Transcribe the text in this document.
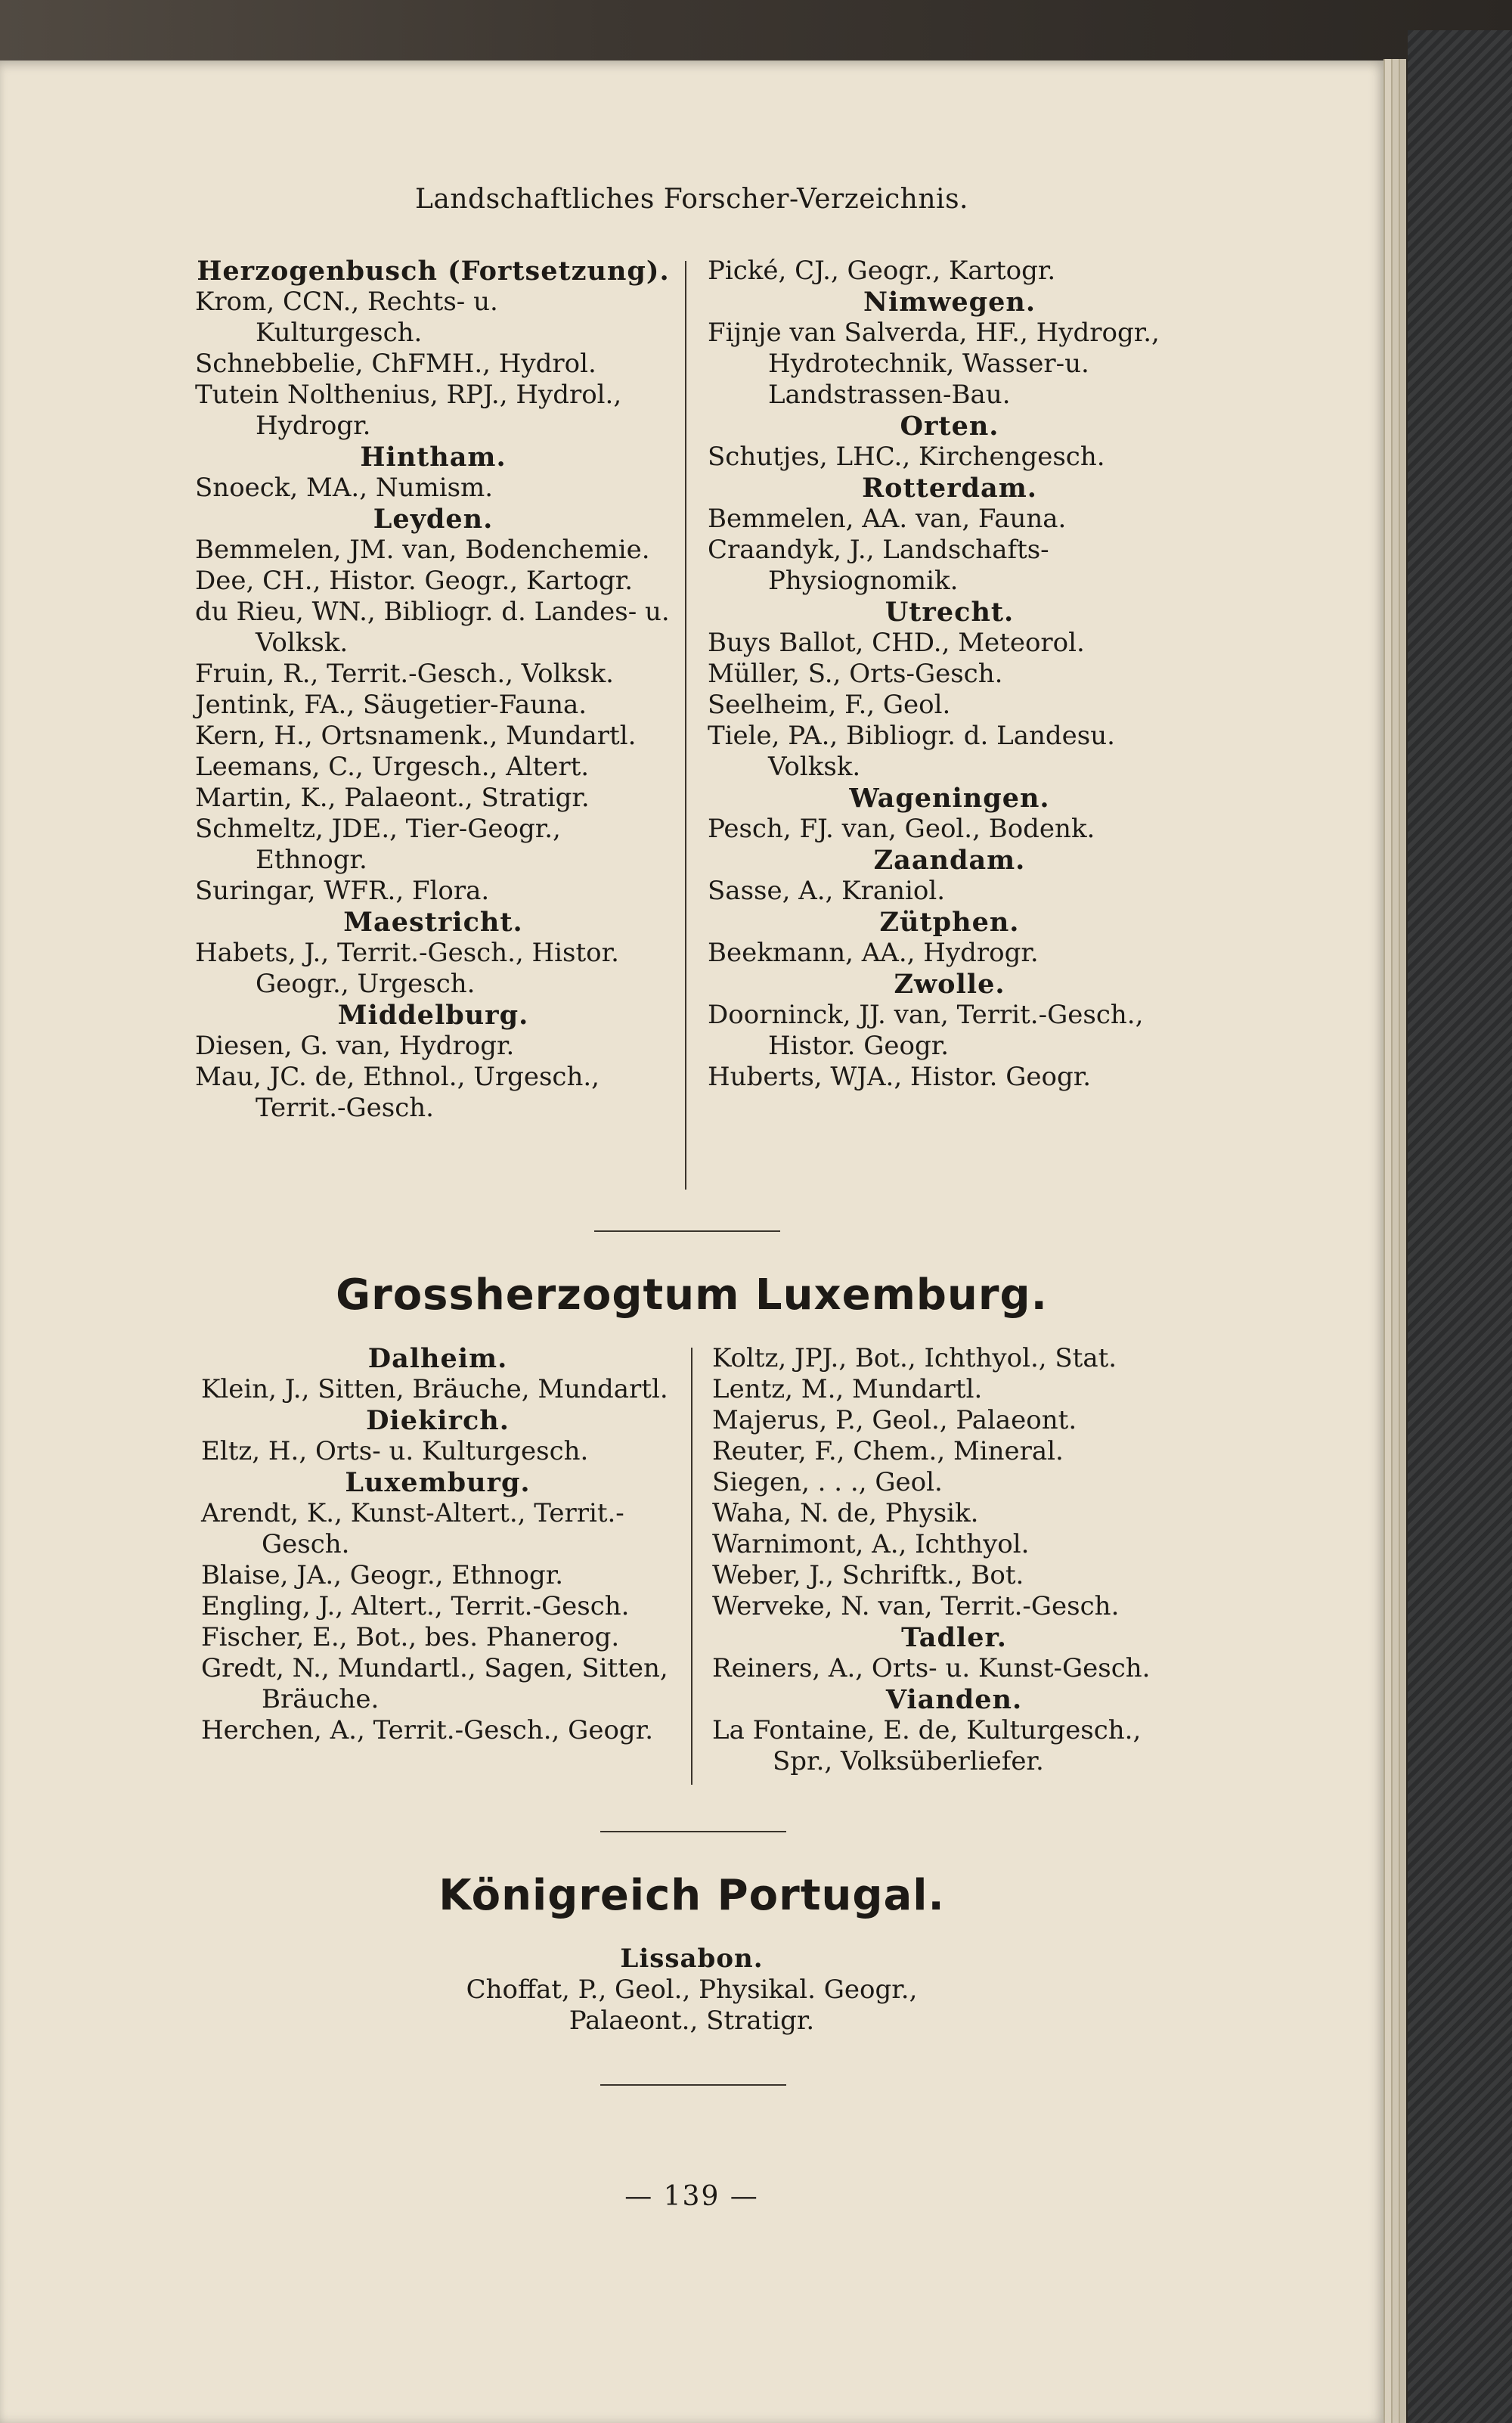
Landschaftliches Forscher-Verzeichnis.
Herzogenbusch (Fortsetzung).
Krom, CCN., Rechts- u. Kulturgesch.
Schnebbelie, ChFMH., Hydrol.
Tutein Nolthenius, RPJ., Hydrol., Hydrogr.
Hintham.
Snoeck, MA., Numism.
Leyden.
Bemmelen, JM. van, Bodenchemie.
Dee, CH., Histor. Geogr., Kartogr.
du Rieu, WN., Bibliogr. d. Landes- u. Volksk.
Fruin, R., Territ.-Gesch., Volksk.
Jentink, FA., Säugetier-Fauna.
Kern, H., Ortsnamenk., Mundartl.
Leemans, C., Urgesch., Altert.
Martin, K., Palaeont., Stratigr.
Schmeltz, JDE., Tier-Geogr., Ethnogr.
Suringar, WFR., Flora.
Maestricht.
Habets, J., Territ.-Gesch., Histor. Geogr., Urgesch.
Middelburg.
Diesen, G. van, Hydrogr.
Mau, JC. de, Ethnol., Urgesch., Territ.-Gesch.
Pické, CJ., Geogr., Kartogr.
Nimwegen.
Fijnje van Salverda, HF., Hydrogr., Hydrotechnik, Wasser-u. Landstrassen-Bau.
Orten.
Schutjes, LHC., Kirchengesch.
Rotterdam.
Bemmelen, AA. van, Fauna.
Craandyk, J., Landschafts-Physiognomik.
Utrecht.
Buys Ballot, CHD., Meteorol.
Müller, S., Orts-Gesch.
Seelheim, F., Geol.
Tiele, PA., Bibliogr. d. Landesu. Volksk.
Wageningen.
Pesch, FJ. van, Geol., Bodenk.
Zaandam.
Sasse, A., Kraniol.
Zütphen.
Beekmann, AA., Hydrogr.
Zwolle.
Doorninck, JJ. van, Territ.-Gesch., Histor. Geogr.
Huberts, WJA., Histor. Geogr.
Grossherzogtum Luxemburg.
Dalheim.
Klein, J., Sitten, Bräuche, Mundartl.
Diekirch.
Eltz, H., Orts- u. Kulturgesch.
Luxemburg.
Arendt, K., Kunst-Altert., Territ.-Gesch.
Blaise, JA., Geogr., Ethnogr.
Engling, J., Altert., Territ.-Gesch.
Fischer, E., Bot., bes. Phanerog.
Gredt, N., Mundartl., Sagen, Sitten, Bräuche.
Herchen, A., Territ.-Gesch., Geogr.
Koltz, JPJ., Bot., Ichthyol., Stat.
Lentz, M., Mundartl.
Majerus, P., Geol., Palaeont.
Reuter, F., Chem., Mineral.
Siegen, . . ., Geol.
Waha, N. de, Physik.
Warnimont, A., Ichthyol.
Weber, J., Schriftk., Bot.
Werveke, N. van, Territ.-Gesch.
Tadler.
Reiners, A., Orts- u. Kunst-Gesch.
Vianden.
La Fontaine, E. de, Kulturgesch., Spr., Volksüberliefer.
Königreich Portugal.
Lissabon.
Choffat, P., Geol., Physikal. Geogr.,
Palaeont., Stratigr.
— 139 —
